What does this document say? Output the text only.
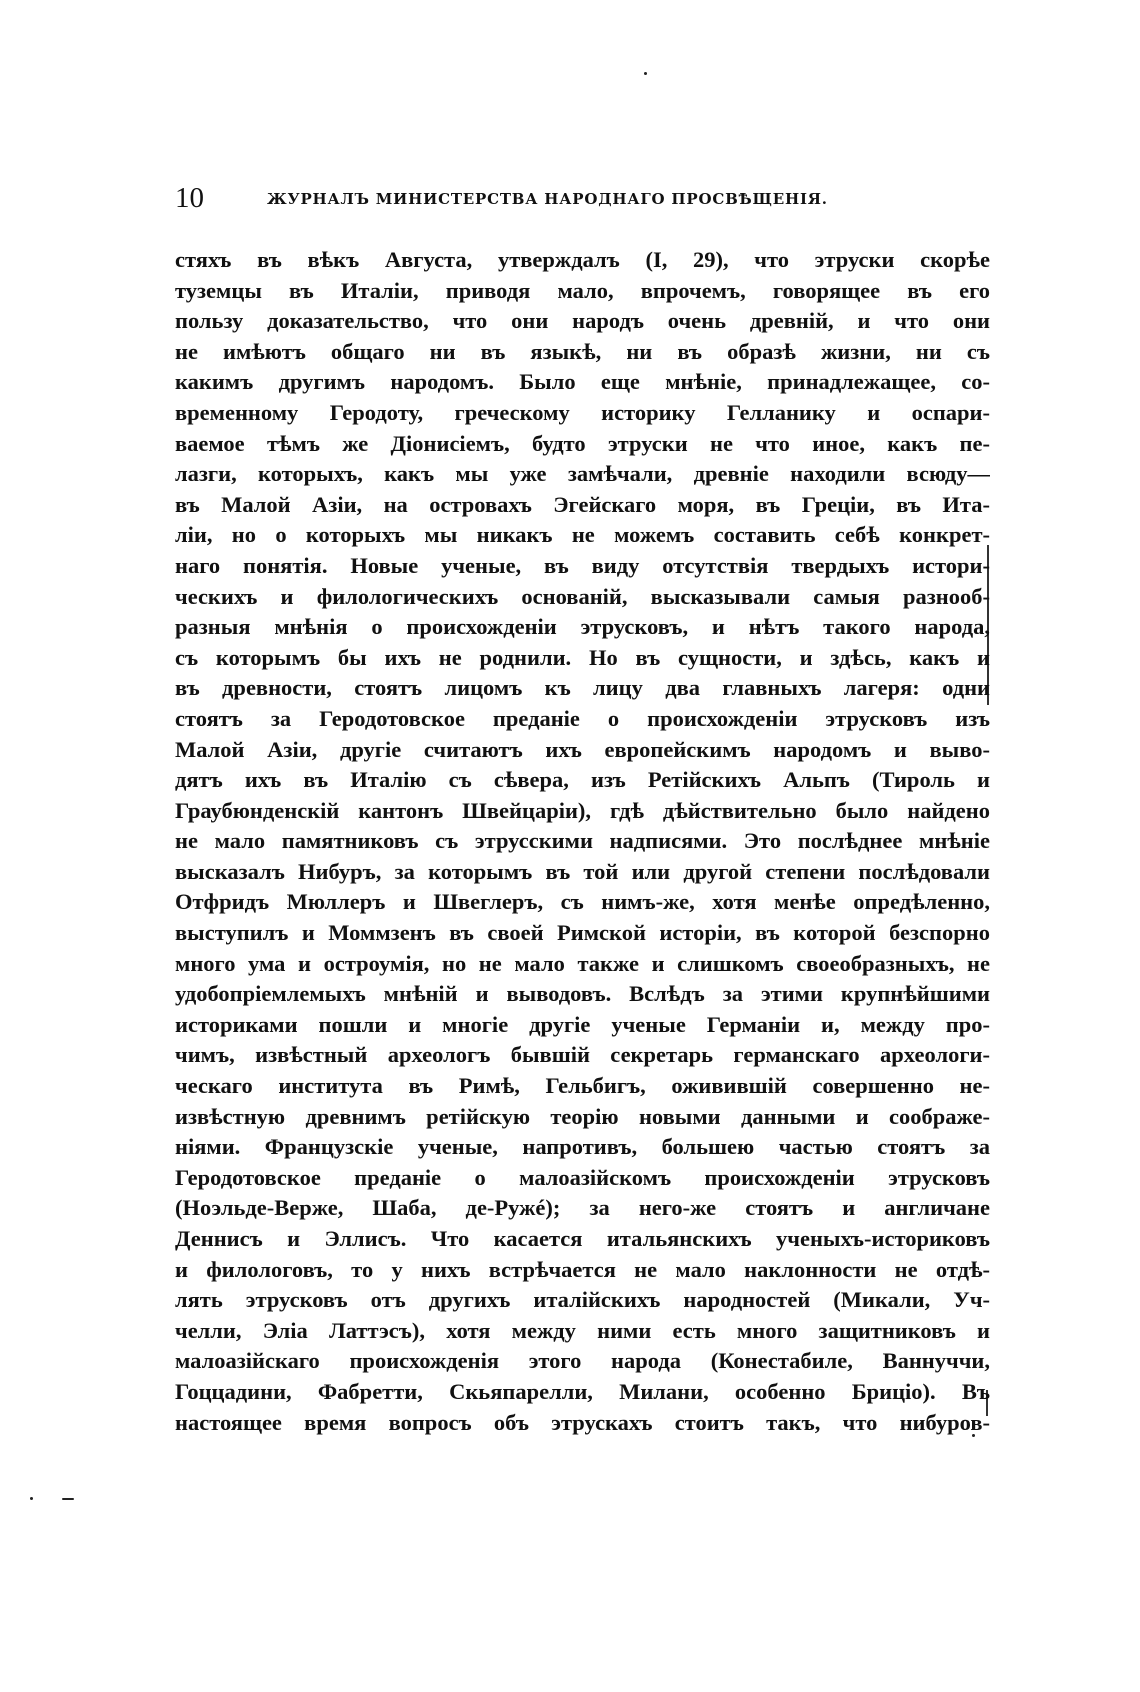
10	ЖУРНАЛЪ МИНИСТЕРСТВА НАРОДНАГО ПРОСВѢЩЕНІЯ.
стяхъ въ вѣкъ Августа, утверждалъ (I, 29), что этруски скорѣе
туземцы въ Италіи, приводя мало, впрочемъ, говорящее въ его
пользу доказательство, что они народъ очень древній, и что они
не имѣютъ общаго ни въ языкѣ, ни въ образѣ жизни, ни съ
какимъ другимъ народомъ. Было еще мнѣніе, принадлежащее, со-
временному Геродоту, греческому историку Гелланику и оспари-
ваемое тѣмъ же Діонисіемъ, будто этруски не что иное, какъ пе-
лазги, которыхъ, какъ мы уже замѣчали, древніе находили всюду—
въ Малой Азіи, на островахъ Эгейскаго моря, въ Греціи, въ Ита-
ліи, но о которыхъ мы никакъ не можемъ составить себѣ конкрет-
наго понятія. Новые ученые, въ виду отсутствія твердыхъ истори-
ческихъ и филологическихъ основаній, высказывали самыя разнооб-
разныя мнѣнія о происхожденіи этрусковъ, и нѣтъ такого народа,
съ которымъ бы ихъ не роднили. Но въ сущности, и здѣсь, какъ и
въ древности, стоятъ лицомъ къ лицу два главныхъ лагеря: одни
стоятъ за Геродотовское преданіе о происхожденіи этрусковъ изъ
Малой Азіи, другіе считаютъ ихъ европейскимъ народомъ и выво-
дятъ ихъ въ Италію съ сѣвера, изъ Ретійскихъ Альпъ (Тироль и
Граубюнденскій кантонъ Швейцаріи), гдѣ дѣйствительно было найдено
не мало памятниковъ съ этрусскими надписями. Это послѣднее мнѣніе
высказалъ Нибуръ, за которымъ въ той или другой степени послѣдовали
Отфридъ Мюллеръ и Швеглеръ, съ нимъ-же, хотя менѣе опредѣленно,
выступилъ и Моммзенъ въ своей Римской исторіи, въ которой безспорно
много ума и остроумія, но не мало также и слишкомъ своеобразныхъ, не
удобопріемлемыхъ мнѣній и выводовъ. Вслѣдъ за этими крупнѣйшими
историками пошли и многіе другіе ученые Германіи и, между про-
чимъ, извѣстный археологъ бывшій секретарь германскаго археологи-
ческаго института въ Римѣ, Гельбигъ, оживившій совершенно не-
извѣстную древнимъ ретійскую теорію новыми данными и соображе-
ніями. Французскіе ученые, напротивъ, большею частью стоятъ за
Геродотовское преданіе о малоазійскомъ происхожденіи этрусковъ
(Ноэльде-Верже, Шаба, де-Ружé); за него-же стоятъ и англичане
Деннисъ и Эллисъ. Что касается итальянскихъ ученыхъ-историковъ
и филологовъ, то у нихъ встрѣчается не мало наклонности не отдѣ-
лять этрусковъ отъ другихъ италійскихъ народностей (Микали, Уч-
челли, Эліа Латтэсъ), хотя между ними есть много защитниковъ и
малоазійскаго происхожденія этого народа (Конестабиле, Ваннуччи,
Гоццадини, Фабретти, Скьяпарелли, Милани, особенно Бриціо). Въ
настоящее время вопросъ объ этрускахъ стоитъ такъ, что нибуров-
